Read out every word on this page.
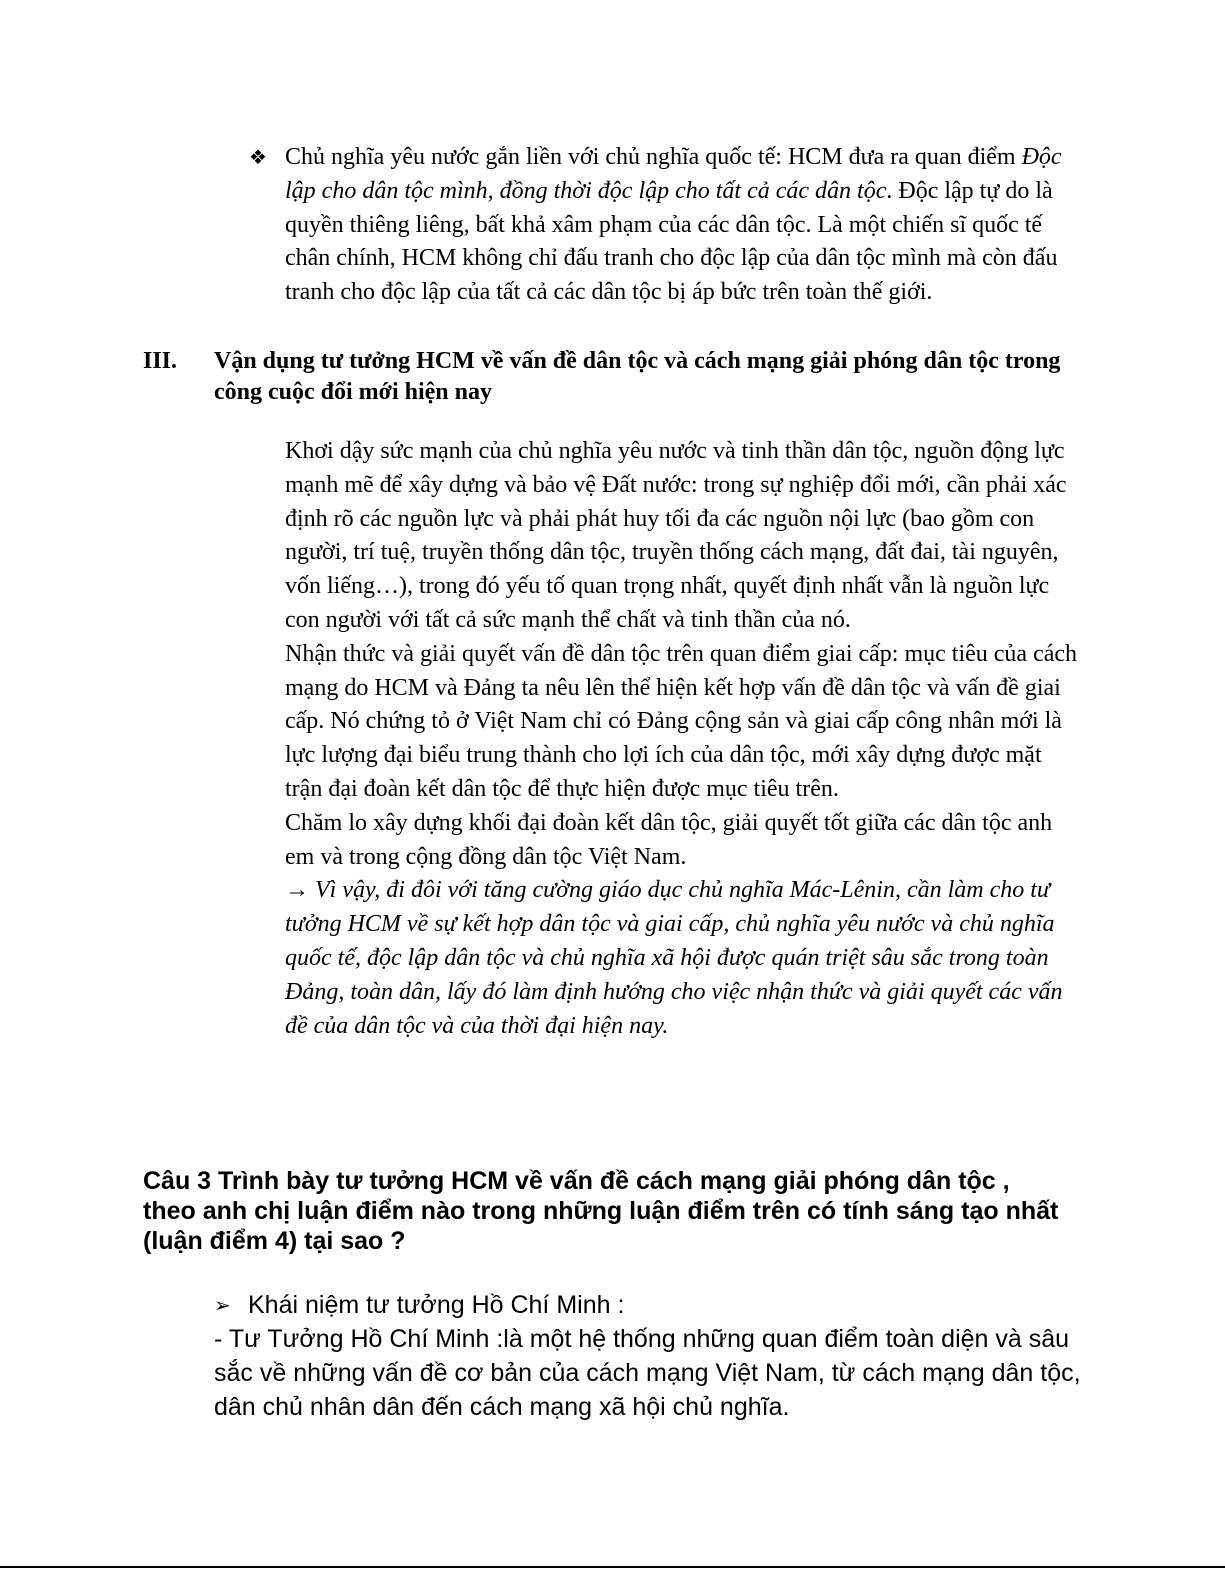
❖ Chủ nghĩa yêu nước gắn liền với chủ nghĩa quốc tế: HCM đưa ra quan điểm Độc lập cho dân tộc mình, đồng thời độc lập cho tất cả các dân tộc. Độc lập tự do là quyền thiêng liêng, bất khả xâm phạm của các dân tộc. Là một chiến sĩ quốc tế chân chính, HCM không chỉ đấu tranh cho độc lập của dân tộc mình mà còn đấu tranh cho độc lập của tất cả các dân tộc bị áp bức trên toàn thế giới.
III.	Vận dụng tư tưởng HCM về vấn đề dân tộc và cách mạng giải phóng dân tộc trong công cuộc đổi mới hiện nay

Khơi dậy sức mạnh của chủ nghĩa yêu nước và tinh thần dân tộc, nguồn động lực mạnh mẽ để xây dựng và bảo vệ Đất nước: trong sự nghiệp đổi mới, cần phải xác định rõ các nguồn lực và phải phát huy tối đa các nguồn nội lực (bao gồm con người, trí tuệ, truyền thống dân tộc, truyền thống cách mạng, đất đai, tài nguyên, vốn liếng…), trong đó yếu tố quan trọng nhất, quyết định nhất vẫn là nguồn lực con người với tất cả sức mạnh thể chất và tinh thần của nó.

Nhận thức và giải quyết vấn đề dân tộc trên quan điểm giai cấp: mục tiêu của cách mạng do HCM và Đảng ta nêu lên thể hiện kết hợp vấn đề dân tộc và vấn đề giai cấp. Nó chứng tỏ ở Việt Nam chỉ có Đảng cộng sản và giai cấp công nhân mới là lực lượng đại biểu trung thành cho lợi ích của dân tộc, mới xây dựng được mặt trận đại đoàn kết dân tộc để thực hiện được mục tiêu trên.

Chăm lo xây dựng khối đại đoàn kết dân tộc, giải quyết tốt giữa các dân tộc anh em và trong cộng đồng dân tộc Việt Nam.

→ Vì vậy, đi đôi với tăng cường giáo dục chủ nghĩa Mác-Lênin, cần làm cho tư tưởng HCM về sự kết hợp dân tộc và giai cấp, chủ nghĩa yêu nước và chủ nghĩa quốc tế, độc lập dân tộc và chủ nghĩa xã hội được quán triệt sâu sắc trong toàn Đảng, toàn dân, lấy đó làm định hướng cho việc nhận thức và giải quyết các vấn đề của dân tộc và của thời đại hiện nay.

Câu 3 Trình bày tư tưởng HCM về vấn đề cách mạng giải phóng dân tộc , theo anh chị luận điểm nào trong những luận điểm trên có tính sáng tạo nhất (luận điểm 4) tại sao ?
➢ Khái niệm tư tưởng Hồ Chí Minh :

- Tư Tưởng Hồ Chí Minh :là một hệ thống những quan điểm toàn diện và sâu sắc về những vấn đề cơ bản của cách mạng Việt Nam, từ cách mạng dân tộc, dân chủ nhân dân đến cách mạng xã hội chủ nghĩa.
